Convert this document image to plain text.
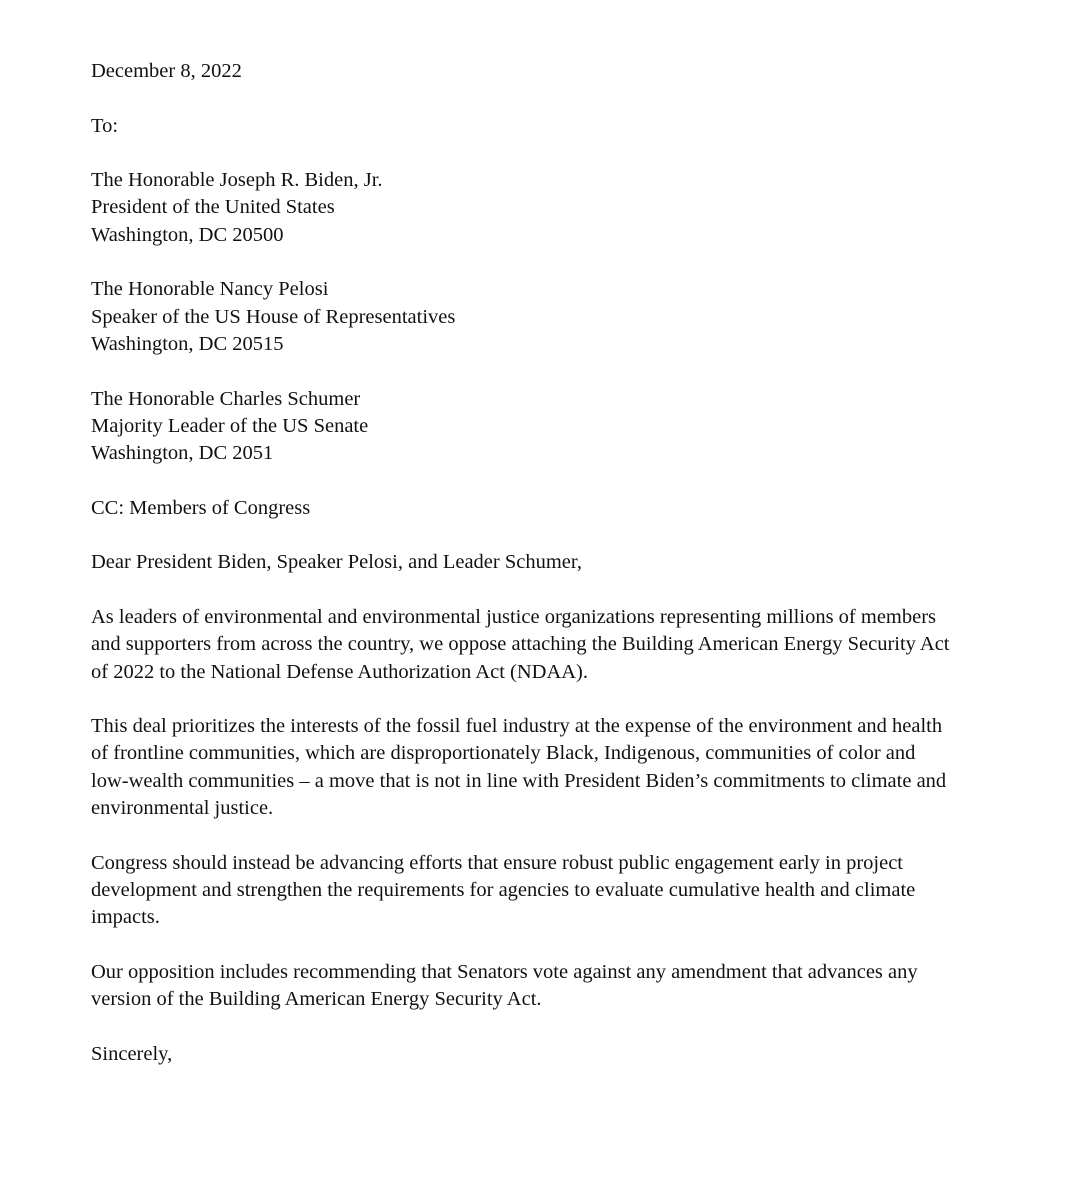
December 8, 2022
To:
The Honorable Joseph R. Biden, Jr.
President of the United States
Washington, DC 20500
The Honorable Nancy Pelosi
Speaker of the US House of Representatives
Washington, DC 20515
The Honorable Charles Schumer
Majority Leader of the US Senate
Washington, DC 2051
CC: Members of Congress
Dear President Biden, Speaker Pelosi, and Leader Schumer,
As leaders of environmental and environmental justice organizations representing millions of members
and supporters from across the country, we oppose attaching the Building American Energy Security Act
of 2022 to the National Defense Authorization Act (NDAA).
This deal prioritizes the interests of the fossil fuel industry at the expense of the environment and health
of frontline communities, which are disproportionately Black, Indigenous, communities of color and
low-wealth communities – a move that is not in line with President Biden’s commitments to climate and
environmental justice.
Congress should instead be advancing efforts that ensure robust public engagement early in project
development and strengthen the requirements for agencies to evaluate cumulative health and climate
impacts.
Our opposition includes recommending that Senators vote against any amendment that advances any
version of the Building American Energy Security Act.
Sincerely,
